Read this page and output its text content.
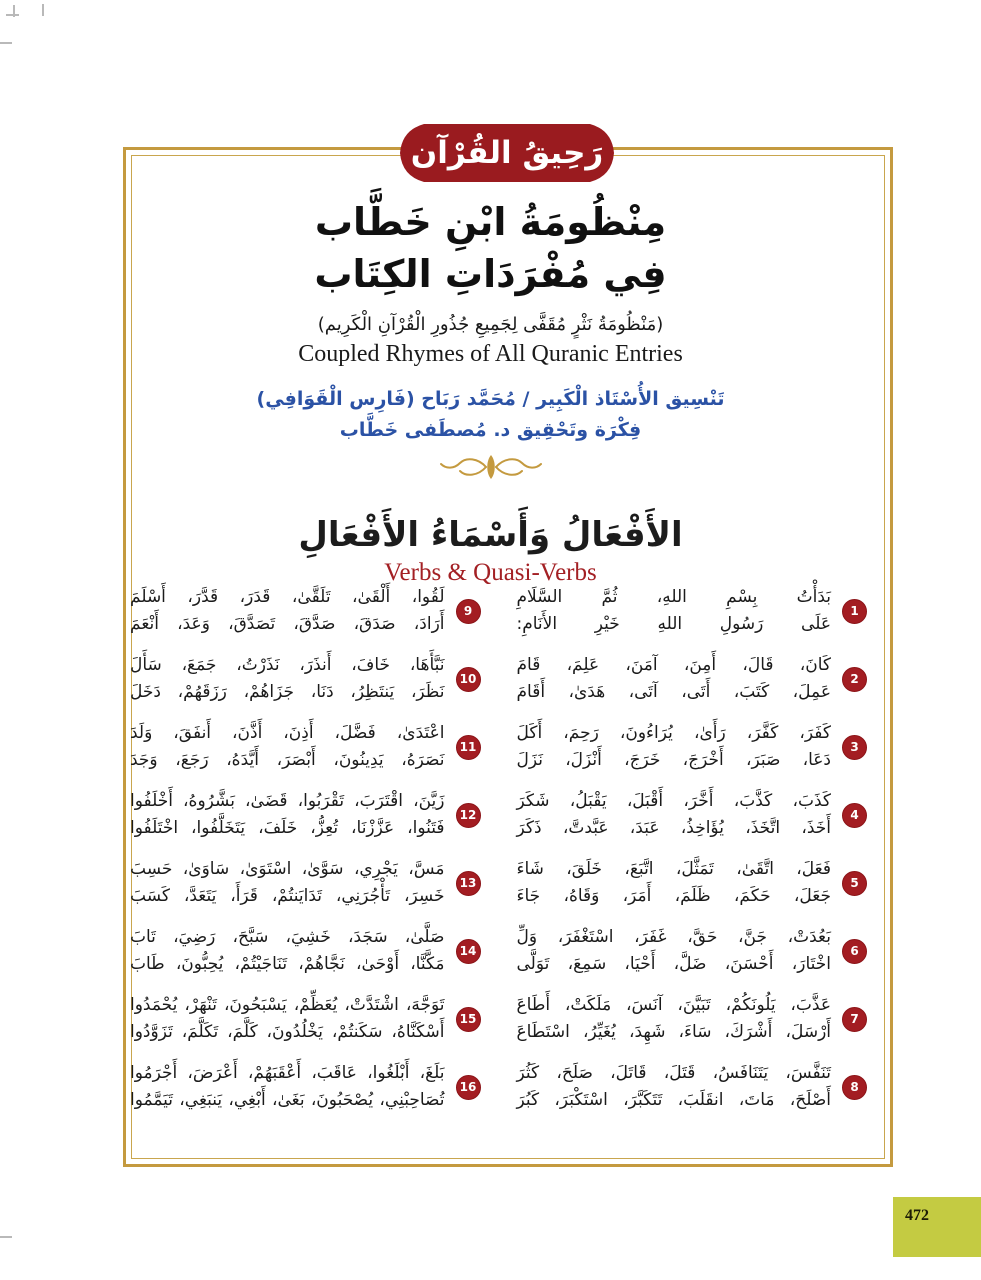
رَحِيقُ القُرْآن
مِنْظُومَةُ ابْنِ خَطَّاب
فِي مُفْرَدَاتِ الكِتَاب
(مَنْظُومَةُ نَثْرٍ مُقَفَّى لِجَمِيعِ جُذُورِ الْقُرْآنِ الْكَرِيم)
Coupled Rhymes of All Quranic Entries
تَنْسِيق الأُسْتَاذ الْكَبِير / مُحَمَّد رَبَاح (فَارِس الْقَوَافِي)
فِكْرَة وتَحْقِيق د. مُصطَفى خَطَّاب
الأَفْعَالُ وَأَسْمَاءُ الأَفْعَالِ
Verbs & Quasi-Verbs
لَقُوا، أَلْقَىٰ، تَلَقَّىٰ، قَدَرَ، قَدَّرَ، أَسْلَمَ
أَرَادَ، صَدَقَ، صَدَّقَ، تَصَدَّقَ، وَعَدَ، أَنْعَمَ
9
نَبَّأَهَا، خَافَ، أَنذَرَ، نَذَرْتُ، جَمَعَ، سَأَلَ
نَظَرَ، يَنتَظِرُ، دَنَا، جَزَاهُمْ، رَزَقَهُمْ، دَخَلَ
10
اعْتَدَىٰ، فَضَّلَ، أَذِنَ، أَذَّنَ، أَنفَقَ، وَلَدَ
نَصَرَهُ، يَدِينُونَ، أَبْصَرَ، أَيَّدَهُ، رَجَعَ، وَجَدَ
11
زَيَّنَ، اقْتَرَبَ، تَقْرَبُوا، قَضَىٰ، بَشَّرُوهُ، أَخْلَفُوا
فَتَنُوا، عَزَّزْنَا، تُعِزُّ، خَلَفَ، يَتَخَلَّفُوا، اخْتَلَفُوا
12
مَسَّ، يَجْرِي، سَوَّىٰ، اسْتَوَىٰ، سَاوَىٰ، حَسِبَ
خَسِرَ، تَأْجُرَنِي، تَدَايَنتُمْ، قَرَأَ، يَتَعَدَّ، كَسَبَ
13
صَلَّىٰ، سَجَدَ، خَشِيَ، سَبَّحَ، رَضِيَ، تَابَ
مَكَّنَّا، أَوْحَىٰ، نَجَّاهُمْ، تَنَاجَيْتُمْ، يُحِبُّونَ، طَابَ
14
تَوَجَّهَ، اشْتَدَّتْ، يُعَظِّمْ، يَسْبَحُونَ، تَنْهَرْ، يُحْمَدُوا
أَسْكَنَّاهُ، سَكَنتُمْ، يَخْلُدُونَ، كَلَّمَ، تَكَلَّمَ، تَزَوَّدُوا
15
بَلَغَ، أَبْلَغُوا، عَاقَبَ، أَعْقَبَهُمْ، أَعْرَضَ، أَجْرَمُوا
تُصَاحِبْنِي، يُصْحَبُونَ، بَغَىٰ، أَبْغِي، يَنبَغِي، تَيَمَّمُوا
16
بَدَأْتُ بِسْمِ اللهِ، ثُمَّ السَّلَامِ
عَلَى رَسُولِ اللهِ خَيْرِ الأَنَامِ:
1
كَانَ، قَالَ، أَمِنَ، آمَنَ، عَلِمَ، قَامَ
عَمِلَ، كَتَبَ، أَتَى، آتَى، هَدَىٰ، أَقَامَ
2
كَفَرَ، كَفَّرَ، رَأَىٰ، يُرَاءُونَ، رَحِمَ، أَكَلَ
دَعَا، صَبَرَ، أَخْرَجَ، خَرَجَ، أَنْزَلَ، نَزَلَ
3
كَذَبَ، كَذَّبَ، أَخَّرَ، أَقْبَلَ، يَقْبَلُ، شَكَرَ
أَخَذَ، اتَّخَذَ، يُؤَاخِذُ، عَبَدَ، عَبَّدتَّ، ذَكَرَ
4
فَعَلَ، اتَّقَىٰ، تَمَثَّلَ، اتَّبَعَ، خَلَقَ، شَاءَ
جَعَلَ، حَكَمَ، ظَلَمَ، أَمَرَ، وَقَاهُ، جَاءَ
5
بَعُدَتْ، جَنَّ، حَقَّ، غَفَرَ، اسْتَغْفَرَ، وَلِّ
اخْتَارَ، أَحْسَنَ، ضَلَّ، أَحْيَا، سَمِعَ، تَوَلَّى
6
عَذَّبَ، يَلُونَكُمْ، تَبَيَّنَ، آنَسَ، مَلَكَتْ، أَطَاعَ
أَرْسَلَ، أَشْرَكَ، سَاءَ، شَهِدَ، يُغَيِّرُ، اسْتَطَاعَ
7
تَنَفَّسَ، يَتَنَافَسُ، قَتَلَ، قَاتَلَ، صَلَحَ، كَثُرَ
أَصْلَحَ، مَاتَ، انقَلَبَ، تَتَكَبَّرَ، اسْتَكْبَرَ، كَبُرَ
8
472
